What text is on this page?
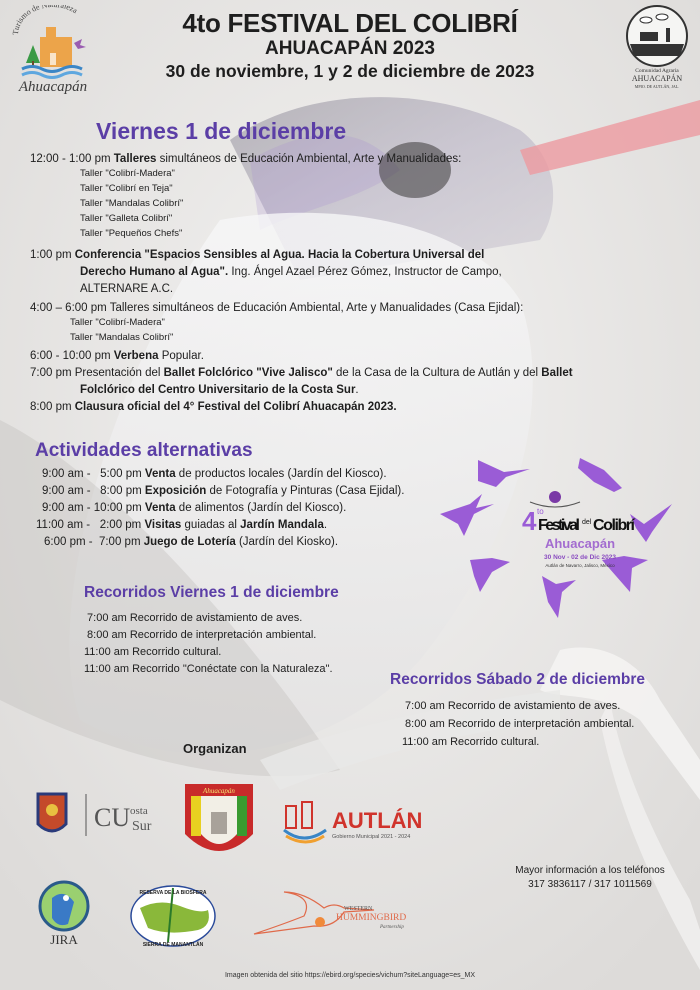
Turismo de N aleza
Ahuacapán
4to FESTIVAL DEL COLIBRÍ
AHUACAPÁN 2023
30 de noviembre, 1 y 2 de diciembre de 2023	Comunidad Agraria
AHUACAPÁN
MPIO. DE AUTLÁN, JAL.
Viernes 1 de diciembre
12:00 - 1:00 pm Talleres simultáneos de Educación Ambiental, Arte y Manualidades:
Taller "Colibrí-Madera"
Taller "Colibrí en Teja"
Taller "Mandalas Colibrí"
Taller "Galleta Colibrí"
Taller "Pequeños Chefs"
1:00 pm Conferencia "Espacios Sensibles al Agua. Hacia la Cobertura Universal del
Derecho Humano al Agua". Ing. Ángel Azael Pérez Gómez, Instructor de Campo,
ALTERNARE A.C.
4:00 – 6:00 pm Talleres simultáneos de Educación Ambiental, Arte y Manualidades (Casa Ejidal):
Taller "Colibrí-Madera"
Taller "Mandalas Colibrí"
6:00 - 10:00 pm Verbena Popular.
7:00 pm Presentación del Ballet Folclórico "Vive Jalisco" de la Casa de la Cultura de Autlán y del Ballet
Folclórico del Centro Universitario de la Costa Sur.
8:00 pm Clausura oficial del 4° Festival del Colibrí Ahuacapán 2023.
Actividades alternativas
9:00 am -   5:00 pm Venta de productos locales (Jardín del Kiosco).
9:00 am -   8:00 pm Exposición de Fotografía y Pinturas (Casa Ejidal).
9:00 am - 10:00 pm Venta de alimentos (Jardín del Kiosco).
11:00 am -   2:00 pm Visitas guiadas al Jardín Mandala.
6:00 pm -  7:00 pm Juego de Lotería (Jardín del Kiosko).
4 to
Festival del Colibrí
Ahuacapán
30 Nov - 02 de Dic 2023
Autlán de Navarro, Jalisco, México
Recorridos Viernes 1 de diciembre
7:00 am Recorrido de avistamiento de aves.
8:00 am Recorrido de interpretación ambiental.
11:00 am Recorrido cultural.
11:00 am Recorrido "Conéctate con la Naturaleza".
Recorridos Sábado 2 de diciembre
7:00 am Recorrido de avistamiento de aves.
8:00 am Recorrido de interpretación ambiental.
11:00 am Recorrido cultural.
Organizan
CU osta
Sur
Ahuacapán
AUTLÁN
Gobierno Municipal 2021 - 2024
Mayor información a los teléfonos
317 3836117 / 317 1011569
JIRA
RESERVA DE LA BIOSFERA
SIERRA DE MANANTLÁN
WESTERN
HUMMINGBIRD
Partnership
Imagen obtenida del sitio https://ebird.org/species/vichum?siteLanguage=es_MX
